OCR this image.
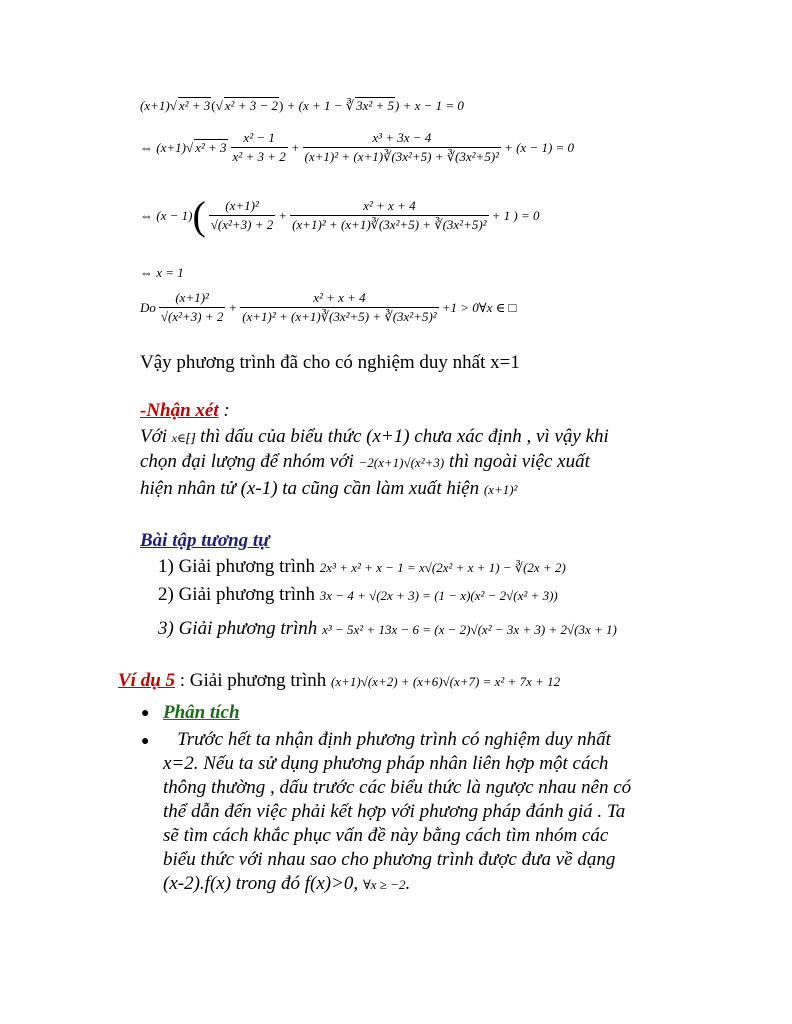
(x+1)√ x² + 3(√ x² + 3 − 2) + (x + 1 − ∛ 3x² + 5) + x − 1 = 0
⇔ (x+1) √ $x^2 + 3 \frac{\text{x² − 1}}{\text{x² + 3 + 2}} + \frac{\text{x³ + 3x − 4}}{\text{(x+1)² + (x+1)∛(3x²+5) + ∛(3x²+5)²}} + (x - 1) = 0$
⇔ (x − 1) ( $\frac{\text{(x+1)²}}{\text{√(x²+3) + 2}} + \frac{\text{x² + x + 4}}{\text{(x+1)² + (x+1)∛(3x²+5) + ∛(3x²+5)²}} + 1$ ) = 0
⇔ x = 1
Do $\frac{\text{(x+1)²}}{\text{√(x²+3) + 2}} + \frac{\text{x² + x + 4}}{\text{(x+1)² + (x+1)∛(3x²+5) + ∛(3x²+5)²}} +1$ > 0∀x ∈ □
Vậy phương trình đã cho có nghiệm duy nhất x=1
-Nhận xét :
Với x∈⁅⁆ thì dấu của biểu thức (x+1) chưa xác định , vì vậy khi
chọn đại lượng để nhóm với −2(x+1)√(x²+3) thì ngoài việc xuất
hiện nhân tử (x-1) ta cũng cần làm xuất hiện (x+1)²
Bài tập tương tự
1) Giải phương trình 2x³ + x² + x − 1 = x√(2x² + x + 1) − ∛(2x + 2)
2) Giải phương trình 3x − 4 + √(2x + 3) = (1 − x)(x² − 2√(x² + 3))
3) Giải phương trình x³ − 5x² + 13x − 6 = (x − 2)√(x² − 3x + 3) + 2√(3x + 1)
Ví dụ 5 : Giải phương trình (x+1)√(x+2) + (x+6)√(x+7) = x² + 7x + 12
● Phân tích
● Trước hết ta nhận định phương trình có nghiệm duy nhất
x=2. Nếu ta sử dụng phương pháp nhân liên hợp một cách
thông thường , dấu trước các biểu thức là ngược nhau nên có
thể dẫn đến việc phải kết hợp với phương pháp đánh giá . Ta
sẽ tìm cách khắc phục vấn đề này bằng cách tìm nhóm các
biểu thức với nhau sao cho phương trình được đưa về dạng
(x-2).f(x) trong đó f(x)>0, ∀x ≥ −2.
